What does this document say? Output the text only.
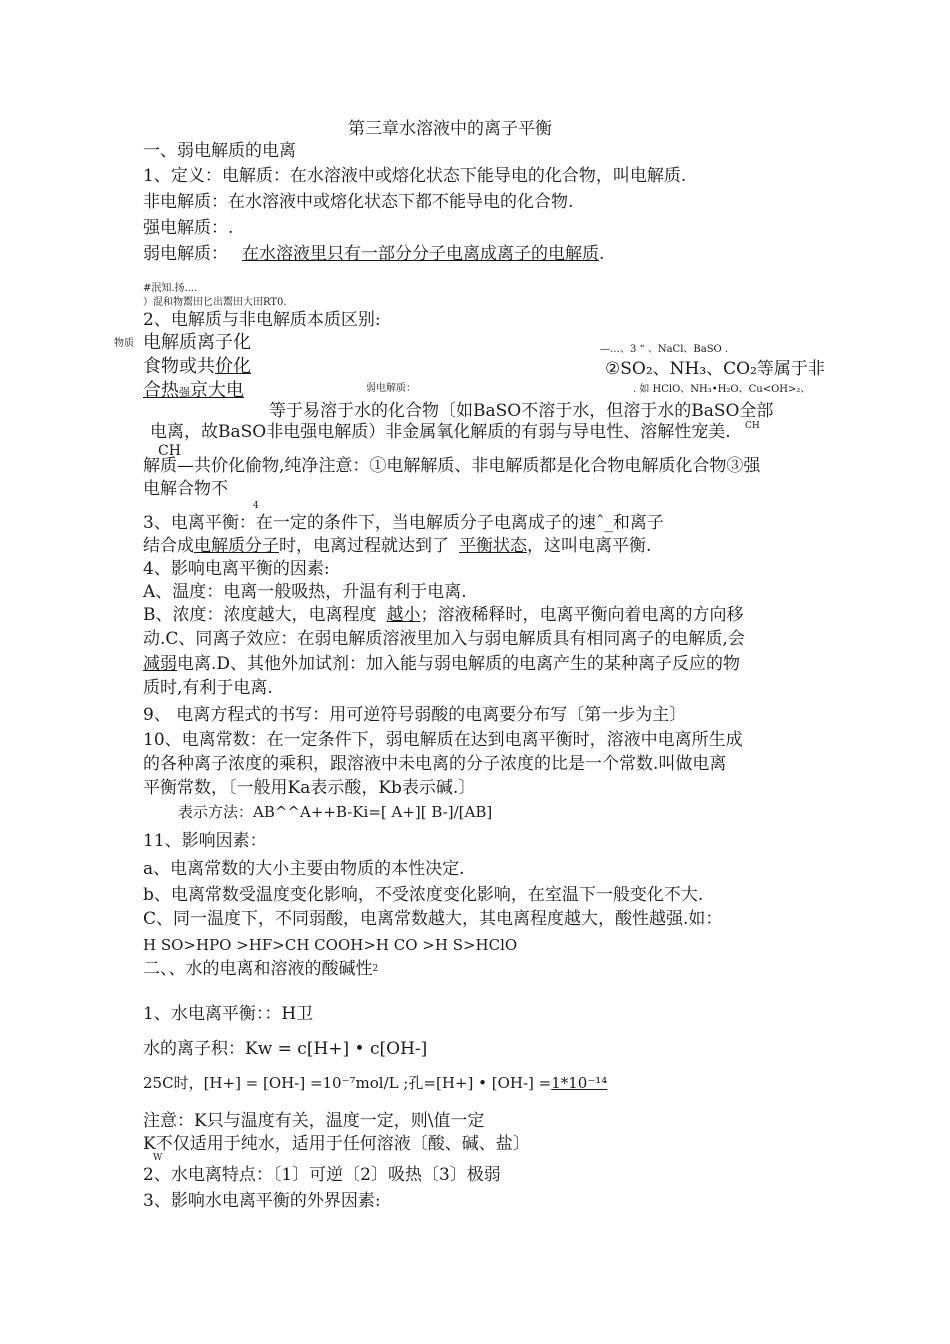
第三章水溶液中的离子平衡
一、弱电解质的电离
1、定义：电解质：在水溶液中或熔化状态下能导电的化合物，叫电解质.
非电解质：在水溶液中或熔化状态下都不能导电的化合物.
强电解质：.
弱电解质： 在水溶液里只有一部分分子电离成离子的电解质.
#泯知.扬....
）混和物鬻田匕出鬻田大田RT0.
2、电解质与非电解质本质区别:
物质 电解质离子化
食物或共价化
合热强京大电	弱电解质：
—…、3 “ 、NaCl、BaSO .
②SO₂、NH₃、CO₂等属于非
. 如 HClO、NH₃•H₂O、Cu<OH>₂、
等于易溶于水的化合物〔如BaSO不溶于水，但溶于水的BaSO全部
电离，故BaSO非电强电解质）非金属氧化解质的有弱与导电性、溶解性宠美. CH
CH
解质—共价化偷物,纯净注意：①电解解质、非电解质都是化合物电解质化合物③强
电解合物不
4
3、电离平衡：在一定的条件下，当电解质分子电离成子的速ˆ_和离子
结合成电解质分子时，电离过程就达到了 平衡状态，这叫电离平衡.
4、影响电离平衡的因素:
A、温度：电离一般吸热，升温有利于电离.
B、浓度：浓度越大，电离程度 越小；溶液稀释时，电离平衡向着电离的方向移
动.C、同离子效应：在弱电解质溶液里加入与弱电解质具有相同离子的电解质,会
减弱电离.D、其他外加试剂：加入能与弱电解质的电离产生的某种离子反应的物
质时,有利于电离.
9、 电离方程式的书写：用可逆符号弱酸的电离要分布写〔第一步为主〕
10、电离常数：在一定条件下，弱电解质在达到电离平衡时，溶液中电离所生成
的各种离子浓度的乘积，跟溶液中未电离的分子浓度的比是一个常数.叫做电离
平衡常数，〔一般用Ka表示酸，Kb表示碱.〕
表示方法：AB^^A++B-Ki=[ A+][ B-]/[AB]
11、影响因素：
a、电离常数的大小主要由物质的本性决定.
b、电离常数受温度变化影响，不受浓度变化影响，在室温下一般变化不大.
C、同一温度下，不同弱酸，电离常数越大，其电离程度越大，酸性越强.如：
H SO>HPO >HF>CH COOH>H CO >H S>HClO
二、、水的电离和溶液的酸碱性$^2$
1、水电离平衡：：H卫
水的离子积：Kw = c[H+] • c[OH-]
25C时，[H+] = [OH-] =10⁻⁷mol/L ;孔=[H+] • [OH-] =1*10⁻¹⁴
注意：K只与温度有关，温度一定，则\值一定
K不仅适用于纯水，适用于任何溶液〔酸、碱、盐〕
W
2、水电离特点：〔1〕可逆〔2〕吸热〔3〕极弱
3、影响水电离平衡的外界因素:
